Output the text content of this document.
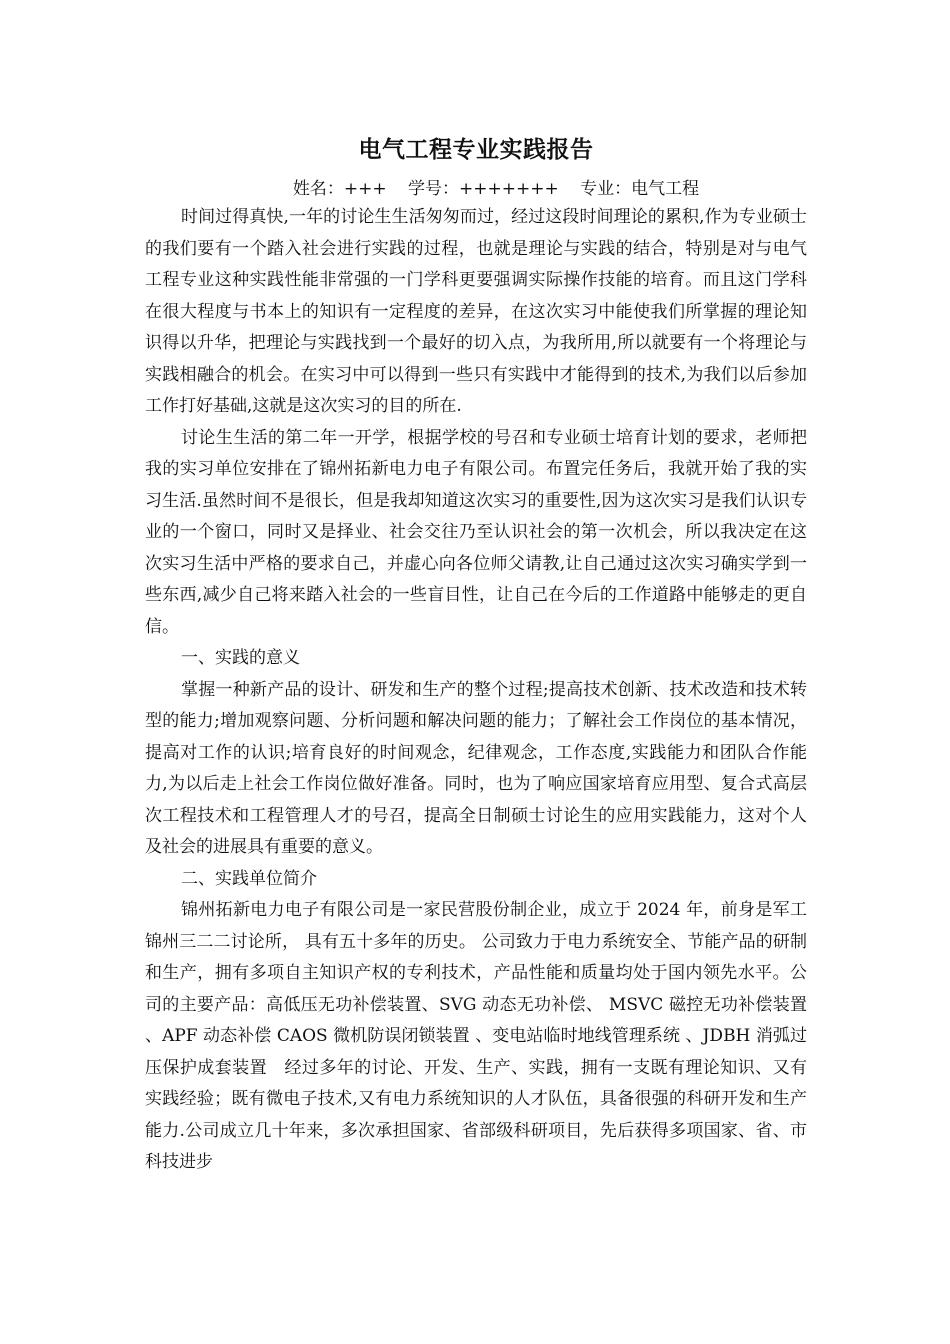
电气工程专业实践报告

姓名：+++ 学号：+++++++ 专业：电气工程

时间过得真快,一年的讨论生生活匆匆而过，经过这段时间理论的累积,作为专业硕士的我们要有一个踏入社会进行实践的过程，也就是理论与实践的结合，特别是对与电气工程专业这种实践性能非常强的一门学科更要强调实际操作技能的培育。而且这门学科在很大程度与书本上的知识有一定程度的差异，在这次实习中能使我们所掌握的理论知识得以升华，把理论与实践找到一个最好的切入点，为我所用,所以就要有一个将理论与实践相融合的机会。在实习中可以得到一些只有实践中才能得到的技术,为我们以后参加工作打好基础,这就是这次实习的目的所在.

讨论生生活的第二年一开学，根据学校的号召和专业硕士培育计划的要求，老师把我的实习单位安排在了锦州拓新电力电子有限公司。布置完任务后，我就开始了我的实习生活.虽然时间不是很长，但是我却知道这次实习的重要性,因为这次实习是我们认识专业的一个窗口，同时又是择业、社会交往乃至认识社会的第一次机会，所以我决定在这次实习生活中严格的要求自己，并虚心向各位师父请教,让自己通过这次实习确实学到一些东西,减少自己将来踏入社会的一些盲目性，让自己在今后的工作道路中能够走的更自信。

一、实践的意义

掌握一种新产品的设计、研发和生产的整个过程;提高技术创新、技术改造和技术转型的能力;增加观察问题、分析问题和解决问题的能力；了解社会工作岗位的基本情况，提高对工作的认识;培育良好的时间观念，纪律观念，工作态度,实践能力和团队合作能力,为以后走上社会工作岗位做好准备。同时，也为了响应国家培育应用型、复合式高层次工程技术和工程管理人才的号召，提高全日制硕士讨论生的应用实践能力，这对个人及社会的进展具有重要的意义。

二、实践单位简介

锦州拓新电力电子有限公司是一家民营股份制企业，成立于 2024 年，前身是军工锦州三二二讨论所， 具有五十多年的历史。 公司致力于电力系统安全、节能产品的研制和生产，拥有多项自主知识产权的专利技术，产品性能和质量均处于国内领先水平。公司的主要产品：高低压无功补偿装置、SVG 动态无功补偿、 MSVC 磁控无功补偿装置　 、APF 动态补偿 CAOS 微机防误闭锁装置 、变电站临时地线管理系统 、JDBH 消弧过压保护成套装置　经过多年的讨论、开发、生产、实践，拥有一支既有理论知识、又有实践经验；既有微电子技术,又有电力系统知识的人才队伍，具备很强的科研开发和生产能力.公司成立几十年来，多次承担国家、省部级科研项目，先后获得多项国家、省、市科技进步
